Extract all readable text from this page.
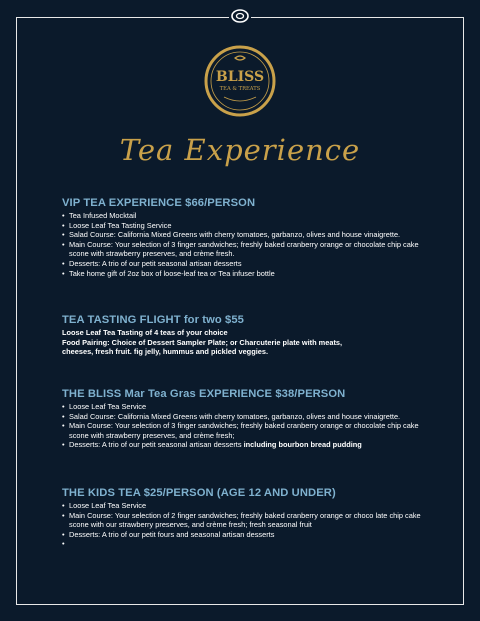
BLISS
TEA & TREATS
Tea Experience
VIP TEA EXPERIENCE $66/PERSON
• Tea Infused Mocktail
• Loose Leaf Tea Tasting Service
• Salad Course: California Mixed Greens with cherry tomatoes, garbanzo, olives and house vinaigrette.
• Main Course: Your selection of 3 finger sandwiches; freshly baked cranberry orange or chocolate chip cake scone with strawberry preserves, and crème fresh.
• Desserts: A trio of our petit seasonal artisan desserts
• Take home gift of 2oz box of loose-leaf tea or Tea infuser bottle
TEA TASTING FLIGHT for two $55

Loose Leaf Tea Tasting of 4 teas of your choice

Food Pairing: Choice of Dessert Sampler Plate; or Charcuterie plate with meats,

cheeses, fresh fruit. fig jelly, hummus and pickled veggies.

THE BLISS Mar Tea Gras EXPERIENCE $38/PERSON
• Loose Leaf Tea Service
• Salad Course: California Mixed Greens with cherry tomatoes, garbanzo, olives and house vinaigrette.
• Main Course: Your selection of 3 finger sandwiches; freshly baked cranberry orange or chocolate chip cake scone with strawberry preserves, and crème fresh;
• Desserts: A trio of our petit seasonal artisan desserts including bourbon bread pudding
THE KIDS TEA $25/PERSON (AGE 12 AND UNDER)
• Loose Leaf Tea Service
• Main Course: Your selection of 2 finger sandwiches; freshly baked cranberry orange or choco late chip cake scone with our strawberry preserves, and crème fresh; fresh seasonal fruit
• Desserts: A trio of our petit fours and seasonal artisan desserts
